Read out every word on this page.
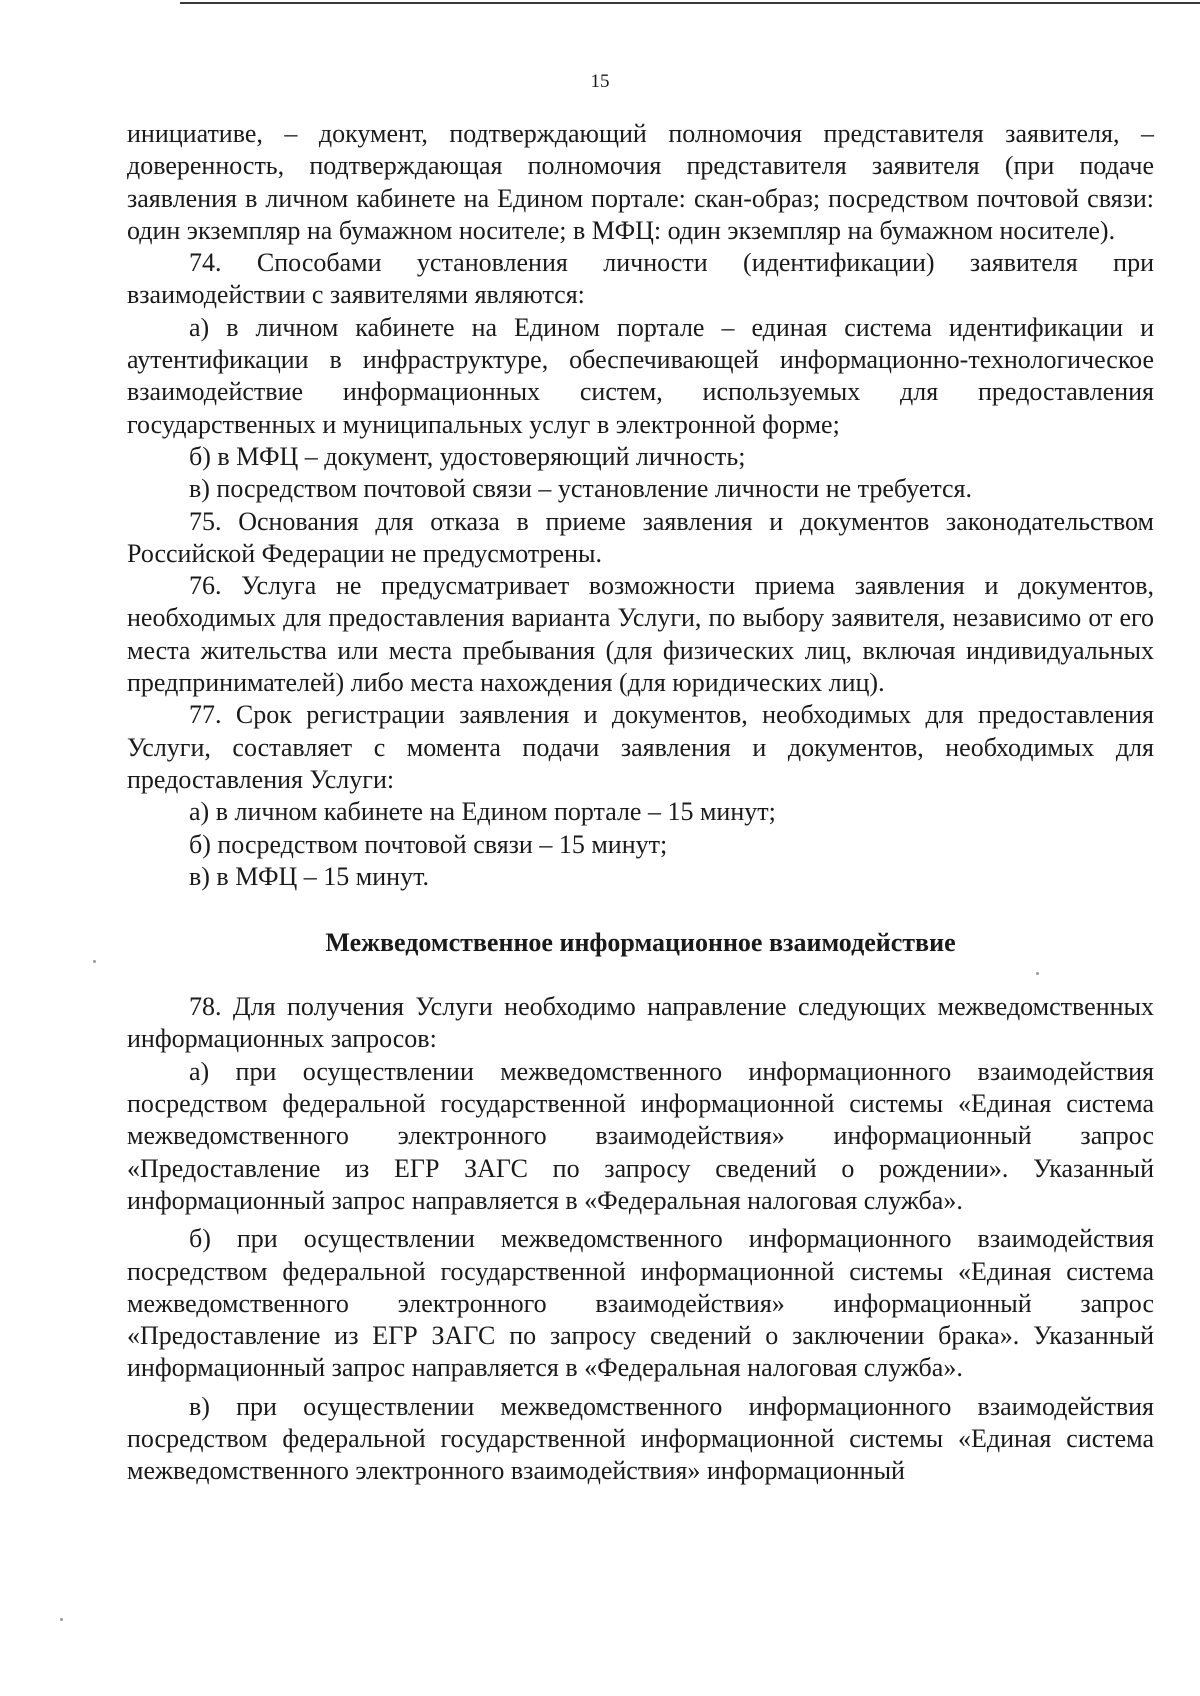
15

инициативе, – документ, подтверждающий полномочия представителя заявителя, – доверенность, подтверждающая полномочия представителя заявителя (при подаче заявления в личном кабинете на Едином портале: скан-образ; посредством почтовой связи: один экземпляр на бумажном носителе; в МФЦ: один экземпляр на бумажном носителе).

74. Способами установления личности (идентификации) заявителя при взаимодействии с заявителями являются:

а) в личном кабинете на Едином портале – единая система идентификации и аутентификации в инфраструктуре, обеспечивающей информационно-технологическое взаимодействие информационных систем, используемых для предоставления государственных и муниципальных услуг в электронной форме;

б) в МФЦ – документ, удостоверяющий личность;

в) посредством почтовой связи – установление личности не требуется.

75. Основания для отказа в приеме заявления и документов законодательством Российской Федерации не предусмотрены.

76. Услуга не предусматривает возможности приема заявления и документов, необходимых для предоставления варианта Услуги, по выбору заявителя, независимо от его места жительства или места пребывания (для физических лиц, включая индивидуальных предпринимателей) либо места нахождения (для юридических лиц).

77. Срок регистрации заявления и документов, необходимых для предоставления Услуги, составляет с момента подачи заявления и документов, необходимых для предоставления Услуги:

а) в личном кабинете на Едином портале – 15 минут;

б) посредством почтовой связи – 15 минут;

в) в МФЦ – 15 минут.

Межведомственное информационное взаимодействие

78. Для получения Услуги необходимо направление следующих межведомственных информационных запросов:

а) при осуществлении межведомственного информационного взаимодействия посредством федеральной государственной информационной системы «Единая система межведомственного электронного взаимодействия» информационный запрос «Предоставление из ЕГР ЗАГС по запросу сведений о рождении». Указанный информационный запрос направляется в «Федеральная налоговая служба».

б) при осуществлении межведомственного информационного взаимодействия посредством федеральной государственной информационной системы «Единая система межведомственного электронного взаимодействия» информационный запрос «Предоставление из ЕГР ЗАГС по запросу сведений о заключении брака». Указанный информационный запрос направляется в «Федеральная налоговая служба».

в) при осуществлении межведомственного информационного взаимодействия посредством федеральной государственной информационной системы «Единая система межведомственного электронного взаимодействия» информационный
